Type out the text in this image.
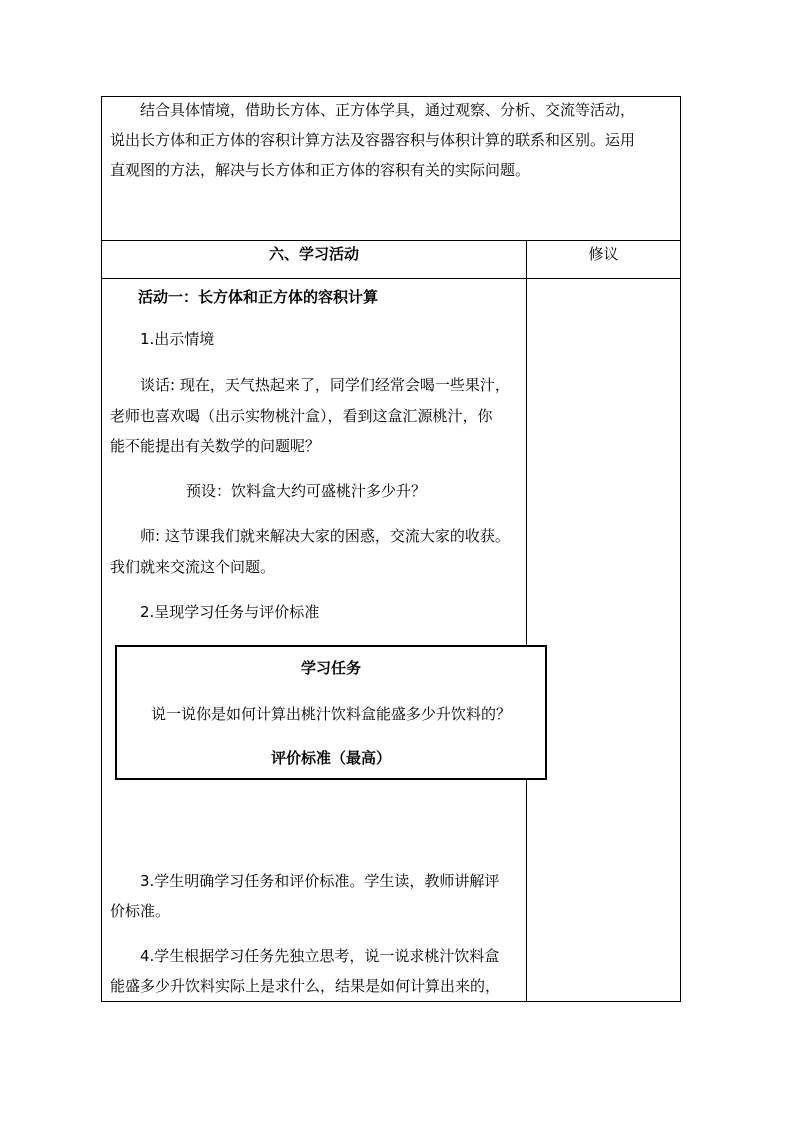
结合具体情境，借助长方体、正方体学具，通过观察、分析、交流等活动，

说出长方体和正方体的容积计算方法及容器容积与体积计算的联系和区别。运用

直观图的方法，解决与长方体和正方体的容积有关的实际问题。

六、学习活动	修议

活动一：长方体和正方体的容积计算

1.出示情境

谈话: 现在，天气热起来了，同学们经常会喝一些果汁，

老师也喜欢喝（出示实物桃汁盒），看到这盒汇源桃汁，你

能不能提出有关数学的问题呢？

预设：饮料盒大约可盛桃汁多少升？

师: 这节课我们就来解决大家的困惑，交流大家的收获。

我们就来交流这个问题。

2.呈现学习任务与评价标准

3.学生明确学习任务和评价标准。学生读，教师讲解评

价标准。

4.学生根据学习任务先独立思考，说一说求桃汁饮料盒

能盛多少升饮料实际上是求什么，结果是如何计算出来的，

学习任务
说一说你是如何计算出桃汁饮料盒能盛多少升饮料的？
评价标准（最高）
